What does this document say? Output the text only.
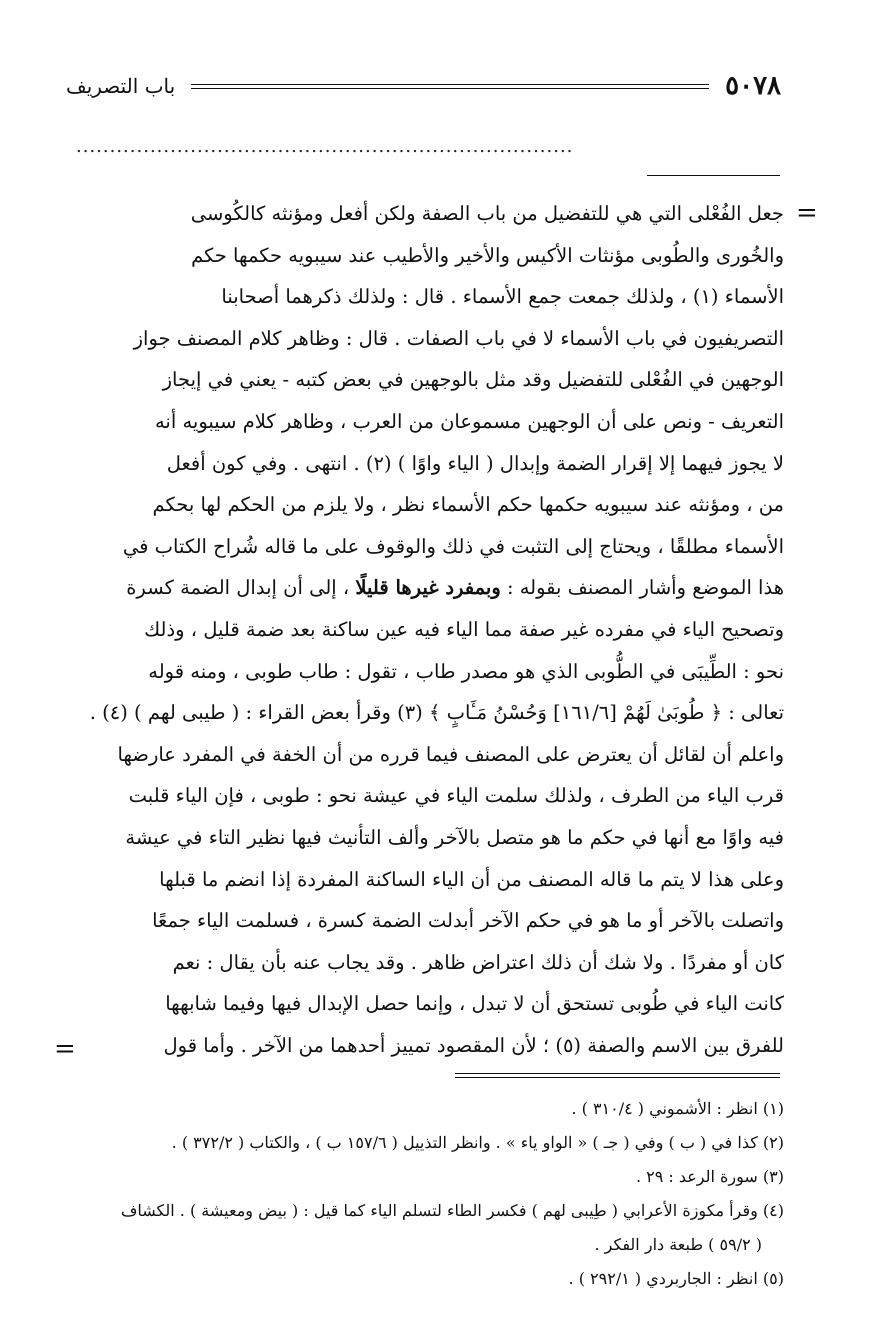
٥٠٧٨
باب التصريف
..........................................................................
=
=
جعل الفُعْلى التي هي للتفضيل من باب الصفة ولكن أفعل ومؤنثه كالكُوسى
والخُورى والطُوبى مؤنثات الأكيس والأخير والأطيب عند سيبويه حكمها حكم
الأسماء (١) ، ولذلك جمعت جمع الأسماء . قال : ولذلك ذكرهما أصحابنا
التصريفيون في باب الأسماء لا في باب الصفات . قال : وظاهر كلام المصنف جواز
الوجهين في الفُعْلى للتفضيل وقد مثل بالوجهين في بعض كتبه - يعني في إيجاز
التعريف - ونص على أن الوجهين مسموعان من العرب ، وظاهر كلام سيبويه أنه
لا يجوز فيهما إلا إقرار الضمة وإبدال ( الياء واوًا ) (٢) . انتهى . وفي كون أفعل
من ، ومؤنثه عند سيبويه حكمها حكم الأسماء نظر ، ولا يلزم من الحكم لها بحكم
الأسماء مطلقًا ، ويحتاج إلى التثبت في ذلك والوقوف على ما قاله شُراح الكتاب في
هذا الموضع وأشار المصنف بقوله : وبمفرد غيرها قليلًا ، إلى أن إبدال الضمة كسرة
وتصحيح الياء في مفرده غير صفة مما الياء فيه عين ساكنة بعد ضمة قليل ، وذلك
نحو : الطِّيبَى في الطُّوبى الذي هو مصدر طاب ، تقول : طاب طوبى ، ومنه قوله
تعالى : ﴿ طُوبَىٰ لَهُمْ [١٦١/٦] وَحُسْنُ مَـَٔابٍ ﴾ (٣) وقرأ بعض القراء : ( طيبى لهم ) (٤) .
واعلم أن لقائل أن يعترض على المصنف فيما قرره من أن الخفة في المفرد عارضها
قرب الياء من الطرف ، ولذلك سلمت الياء في عيشة نحو : طوبى ، فإن الياء قلبت
فيه واوًا مع أنها في حكم ما هو متصل بالآخر وألف التأنيث فيها نظير التاء في عيشة
وعلى هذا لا يتم ما قاله المصنف من أن الياء الساكنة المفردة إذا انضم ما قبلها
واتصلت بالآخر أو ما هو في حكم الآخر أبدلت الضمة كسرة ، فسلمت الياء جمعًا
كان أو مفردًا . ولا شك أن ذلك اعتراض ظاهر . وقد يجاب عنه بأن يقال : نعم
كانت الياء في طُوبى تستحق أن لا تبدل ، وإنما حصل الإبدال فيها وفيما شابهها
للفرق بين الاسم والصفة (٥) ؛ لأن المقصود تمييز أحدهما من الآخر . وأما قول
(١) انظر : الأشموني ( ٣١٠/٤ ) .
(٢) كذا في ( ب ) وفي ( جـ ) « الواو ياء » . وانظر التذييل ( ١٥٧/٦ ب ) ، والكتاب ( ٣٧٢/٢ ) .
(٣) سورة الرعد : ٢٩ .
(٤) وقرأ مكوزة الأعرابي ( طِيبى لهم ) فكسر الطاء لتسلم الياء كما قيل : ( بيض ومعيشة ) . الكشاف
( ٥٩/٢ ) طبعة دار الفكر .
(٥) انظر : الجاربردي ( ٢٩٢/١ ) .
